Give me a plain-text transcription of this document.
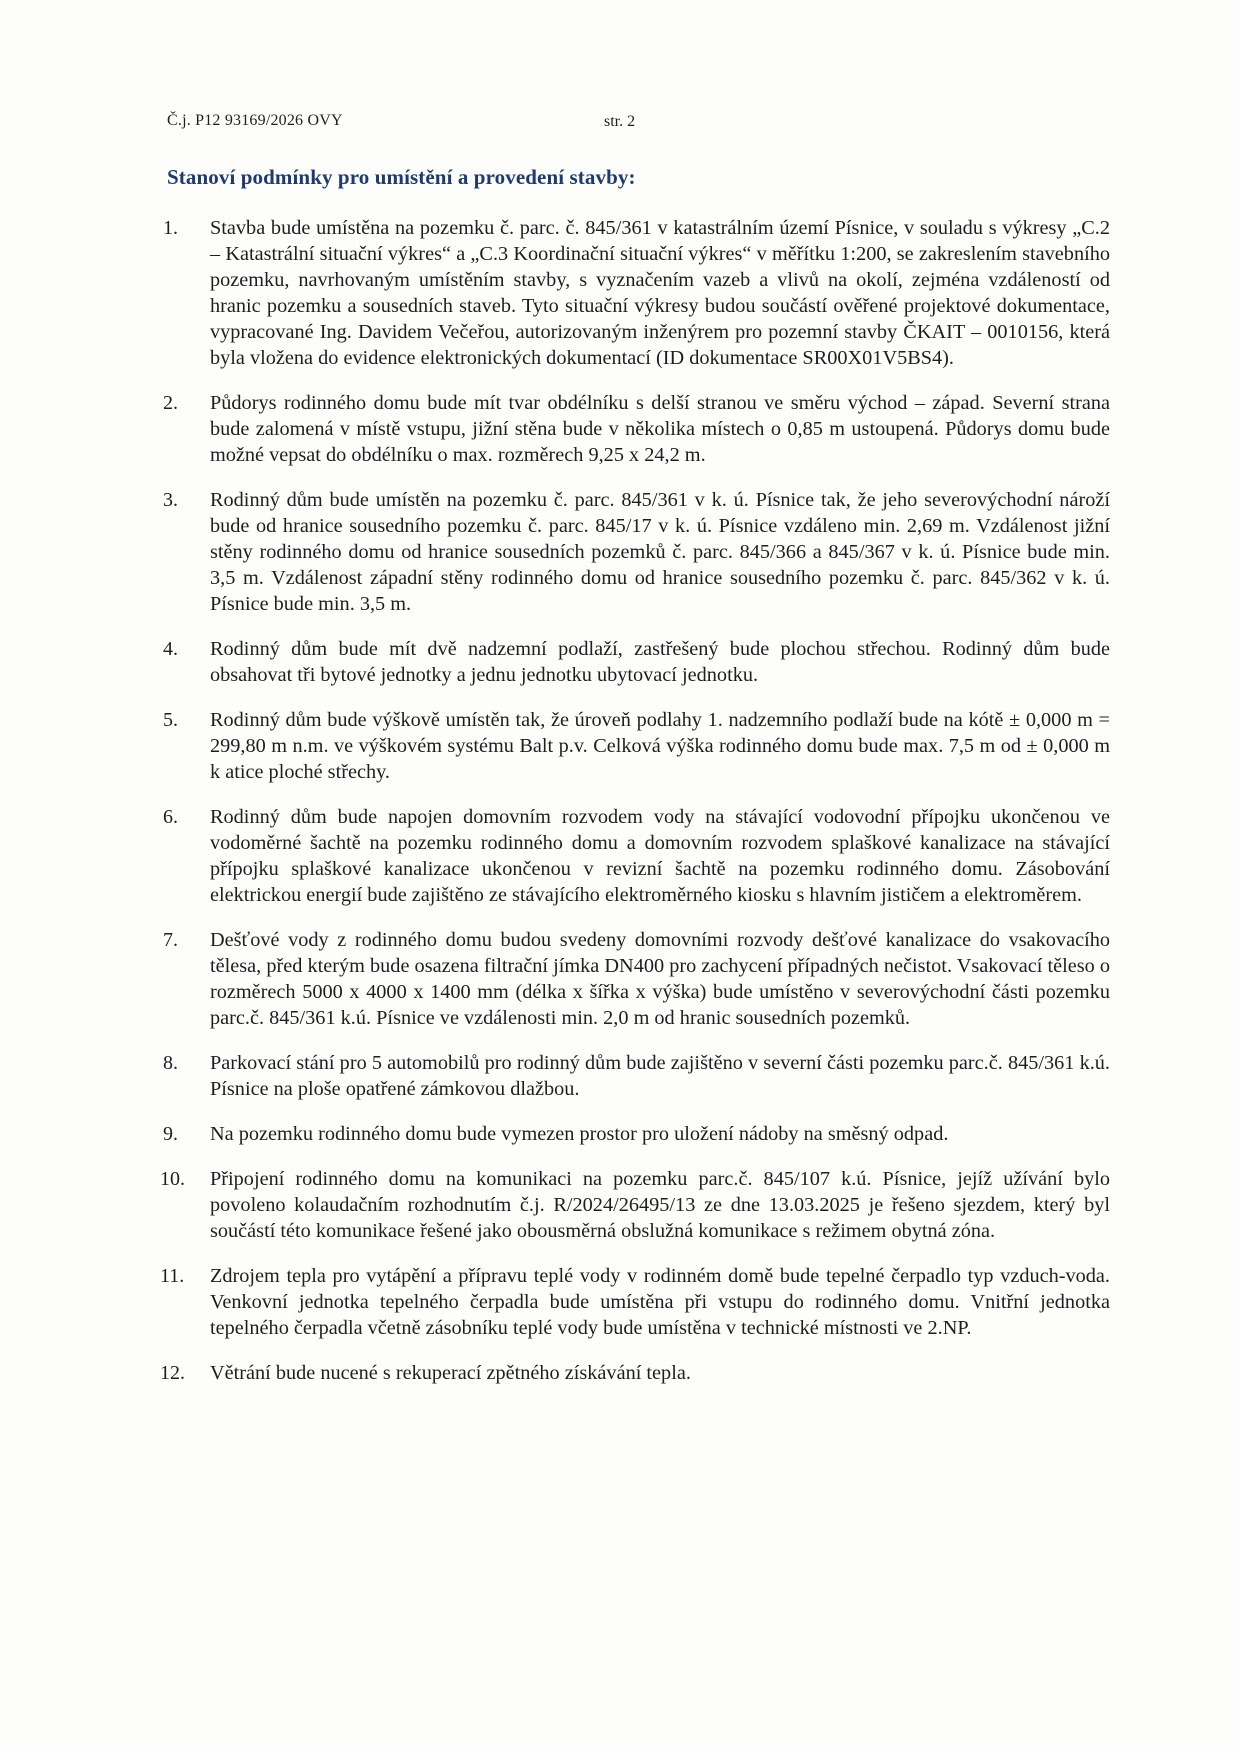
Č.j. P12 93169/2026 OVY	str. 2
Stanoví podmínky pro umístění a provedení stavby:
1. Stavba bude umístěna na pozemku č. parc. č. 845/361 v katastrálním území Písnice, v souladu s výkresy „C.2 – Katastrální situační výkres“ a „C.3 Koordinační situační výkres“ v měřítku 1:200, se zakreslením stavebního pozemku, navrhovaným umístěním stavby, s vyznačením vazeb a vlivů na okolí, zejména vzdáleností od hranic pozemku a sousedních staveb. Tyto situační výkresy budou součástí ověřené projektové dokumentace, vypracované Ing. Davidem Večeřou, autorizovaným inženýrem pro pozemní stavby ČKAIT – 0010156, která byla vložena do evidence elektronických dokumentací (ID dokumentace SR00X01V5BS4).
2. Půdorys rodinného domu bude mít tvar obdélníku s delší stranou ve směru východ – západ. Severní strana bude zalomená v místě vstupu, jižní stěna bude v několika místech o 0,85 m ustoupená. Půdorys domu bude možné vepsat do obdélníku o max. rozměrech 9,25 x 24,2 m.
3. Rodinný dům bude umístěn na pozemku č. parc. 845/361 v k. ú. Písnice tak, že jeho severovýchodní nároží bude od hranice sousedního pozemku č. parc. 845/17 v k. ú. Písnice vzdáleno min. 2,69 m. Vzdálenost jižní stěny rodinného domu od hranice sousedních pozemků č. parc. 845/366 a 845/367 v k. ú. Písnice bude min. 3,5 m. Vzdálenost západní stěny rodinného domu od hranice sousedního pozemku č. parc. 845/362 v k. ú. Písnice bude min. 3,5 m.
4. Rodinný dům bude mít dvě nadzemní podlaží, zastřešený bude plochou střechou. Rodinný dům bude obsahovat tři bytové jednotky a jednu jednotku ubytovací jednotku.
5. Rodinný dům bude výškově umístěn tak, že úroveň podlahy 1. nadzemního podlaží bude na kótě ± 0,000 m = 299,80 m n.m. ve výškovém systému Balt p.v. Celková výška rodinného domu bude max. 7,5 m od ± 0,000 m k atice ploché střechy.
6. Rodinný dům bude napojen domovním rozvodem vody na stávající vodovodní přípojku ukončenou ve vodoměrné šachtě na pozemku rodinného domu a domovním rozvodem splaškové kanalizace na stávající přípojku splaškové kanalizace ukončenou v revizní šachtě na pozemku rodinného domu. Zásobování elektrickou energií bude zajištěno ze stávajícího elektroměrného kiosku s hlavním jističem a elektroměrem.
7. Dešťové vody z rodinného domu budou svedeny domovními rozvody dešťové kanalizace do vsakovacího tělesa, před kterým bude osazena filtrační jímka DN400 pro zachycení případných nečistot. Vsakovací těleso o rozměrech 5000 x 4000 x 1400 mm (délka x šířka x výška) bude umístěno v severovýchodní části pozemku parc.č. 845/361 k.ú. Písnice ve vzdálenosti min. 2,0 m od hranic sousedních pozemků.
8. Parkovací stání pro 5 automobilů pro rodinný dům bude zajištěno v severní části pozemku parc.č. 845/361 k.ú. Písnice na ploše opatřené zámkovou dlažbou.
9. Na pozemku rodinného domu bude vymezen prostor pro uložení nádoby na směsný odpad.
10. Připojení rodinného domu na komunikaci na pozemku parc.č. 845/107 k.ú. Písnice, jejíž užívání bylo povoleno kolaudačním rozhodnutím č.j. R/2024/26495/13 ze dne 13.03.2025 je řešeno sjezdem, který byl součástí této komunikace řešené jako obousměrná obslužná komunikace s režimem obytná zóna.
11. Zdrojem tepla pro vytápění a přípravu teplé vody v rodinném domě bude tepelné čerpadlo typ vzduch-voda. Venkovní jednotka tepelného čerpadla bude umístěna při vstupu do rodinného domu. Vnitřní jednotka tepelného čerpadla včetně zásobníku teplé vody bude umístěna v technické místnosti ve 2.NP.
12. Větrání bude nucené s rekuperací zpětného získávání tepla.
